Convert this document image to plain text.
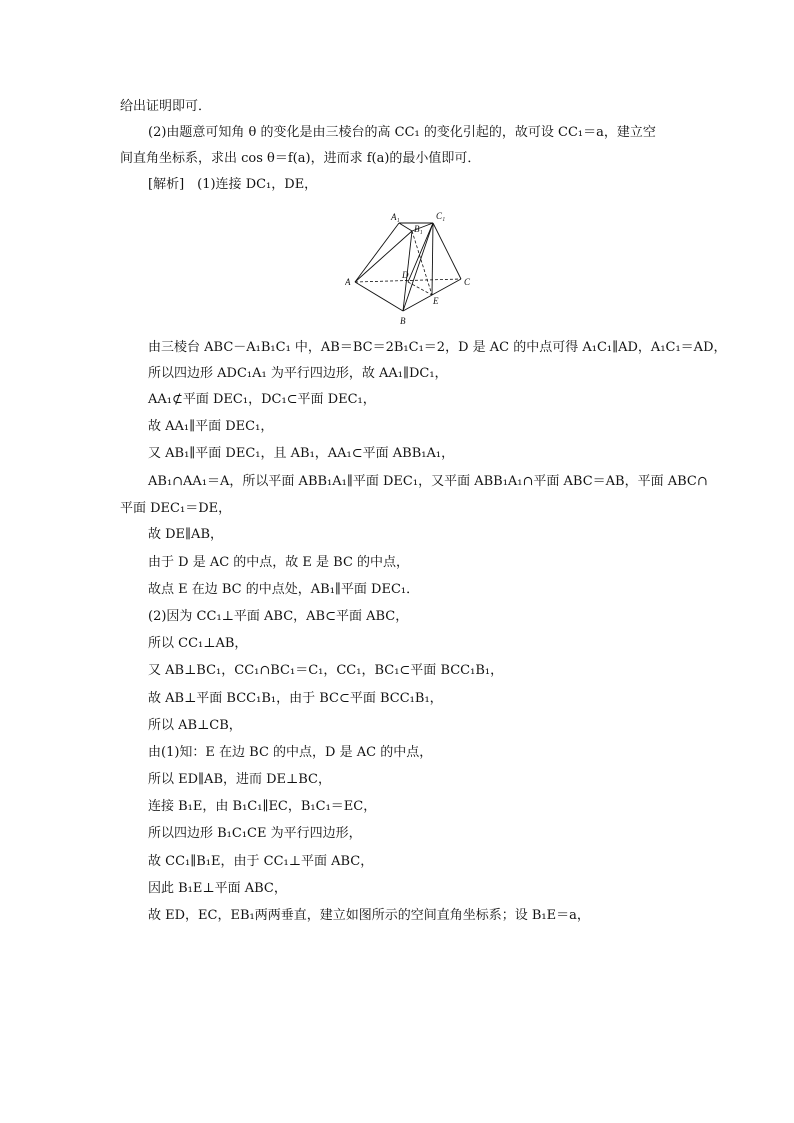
给出证明即可．
(2)由题意可知角 θ 的变化是由三棱台的高 CC₁ 的变化引起的，故可设 CC₁＝a，建立空
间直角坐标系，求出 cos θ＝f(a)，进而求 f(a)的最小值即可．
[解析]　(1)连接 DC₁，DE，
A₁
B₁
C₁
A
D
C
E
B
由三棱台 ABC－A₁B₁C₁ 中，AB＝BC＝2B₁C₁＝2，D 是 AC 的中点可得 A₁C₁∥AD，A₁C₁＝AD，
所以四边形 ADC₁A₁ 为平行四边形，故 AA₁∥DC₁，
AA₁⊄平面 DEC₁，DC₁⊂平面 DEC₁，
故 AA₁∥平面 DEC₁，
又 AB₁∥平面 DEC₁，且 AB₁，AA₁⊂平面 ABB₁A₁，
AB₁∩AA₁＝A，所以平面 ABB₁A₁∥平面 DEC₁，又平面 ABB₁A₁∩平面 ABC＝AB，平面 ABC∩
平面 DEC₁＝DE，
故 DE∥AB，
由于 D 是 AC 的中点，故 E 是 BC 的中点，
故点 E 在边 BC 的中点处，AB₁∥平面 DEC₁．
(2)因为 CC₁⊥平面 ABC，AB⊂平面 ABC，
所以 CC₁⊥AB，
又 AB⊥BC₁，CC₁∩BC₁＝C₁，CC₁，BC₁⊂平面 BCC₁B₁，
故 AB⊥平面 BCC₁B₁，由于 BC⊂平面 BCC₁B₁，
所以 AB⊥CB，
由(1)知：E 在边 BC 的中点，D 是 AC 的中点，
所以 ED∥AB，进而 DE⊥BC，
连接 B₁E，由 B₁C₁∥EC，B₁C₁＝EC，
所以四边形 B₁C₁CE 为平行四边形，
故 CC₁∥B₁E，由于 CC₁⊥平面 ABC，
因此 B₁E⊥平面 ABC，
故 ED，EC，EB₁两两垂直，建立如图所示的空间直角坐标系；设 B₁E＝a，
